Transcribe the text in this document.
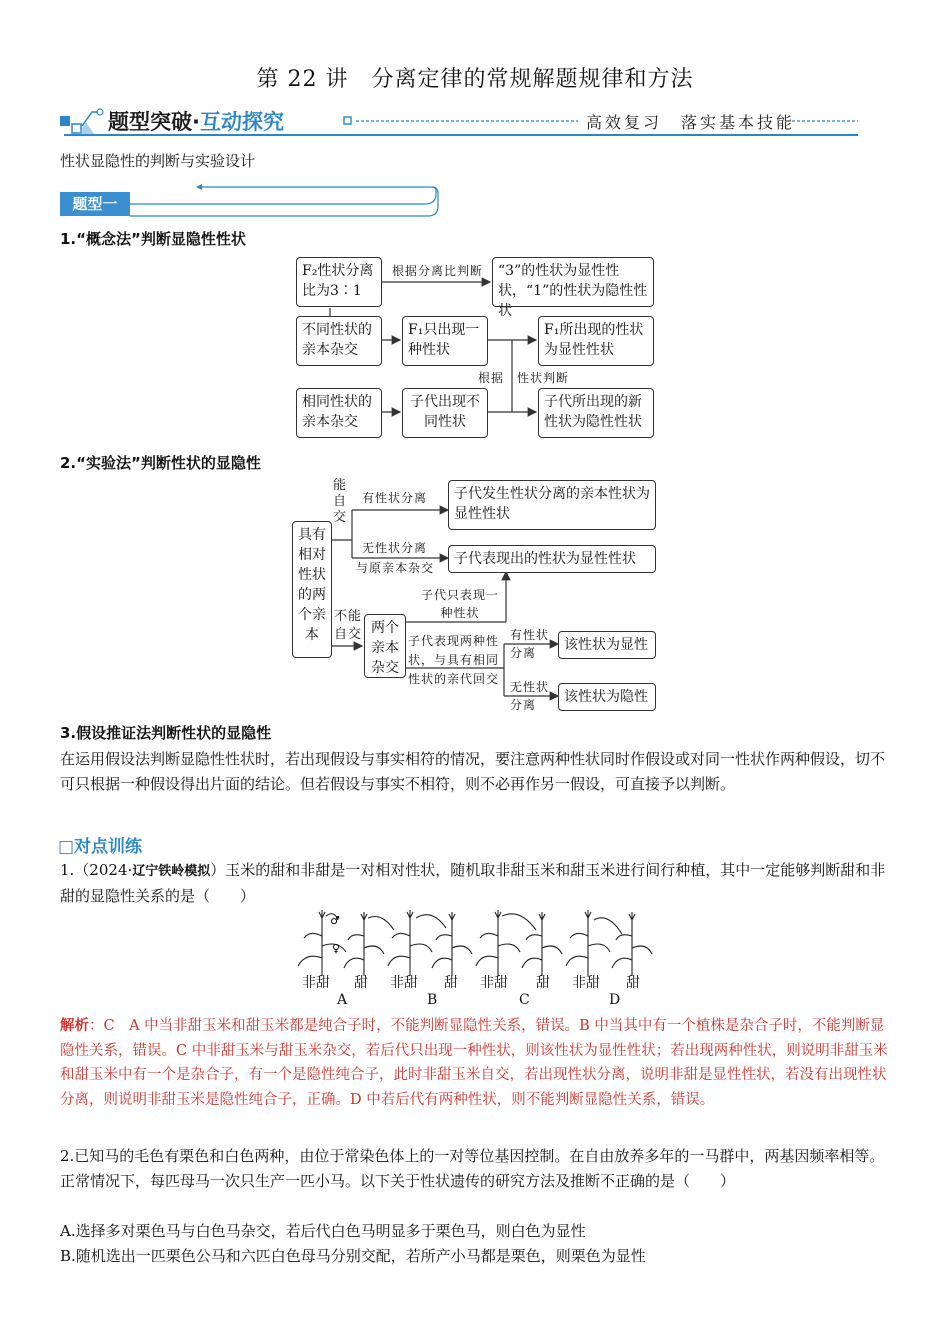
第 22 讲　分离定律的常规解题规律和方法
题型突破·互动探究	高效复习　落实基本技能
性状显隐性的判断与实验设计
题型一
1.“概念法”判断显隐性性状
F₂性状分离比为3∶1
根据分离比判断	“3”的性状为显性性状，“1”的性状为隐性性状
不同性状的亲本杂交
F₁只出现一种性状
F₁所出现的性状为显性性状
根据　性状判断
相同性状的亲本杂交
子代出现不同性状
子代所出现的新性状为隐性性状
2.“实验法”判断性状的显隐性
具有相对性状的两个亲本
能自交
不能自交
有性状分离
无性状分离
与原亲本杂交
子代发生性状分离的亲本性状为显性性状
子代表现出的性状为显性性状
两个亲本杂交
子代只表现一种性状
子代表现两种性状，与具有相同性状的亲代回交
有性状分离
无性状分离
该性状为显性
该性状为隐性
3.假设推证法判断性状的显隐性
在运用假设法判断显隐性性状时，若出现假设与事实相符的情况，要注意两种性状同时作假设或对同一性状作两种假设，切不可只根据一种假设得出片面的结论。但若假设与事实不相符，则不必再作另一假设，可直接予以判断。
□对点训练
1.（2024·辽宁铁岭模拟）玉米的甜和非甜是一对相对性状，随机取非甜玉米和甜玉米进行间行种植，其中一定能够判断甜和非甜的显隐性关系的是（　　）
♂
♀
非甜 甜 非甜 甜 非甜 甜 非甜 甜
A	B	C	D
解析：C　A 中当非甜玉米和甜玉米都是纯合子时，不能判断显隐性关系，错误。B 中当其中有一个植株是杂合子时，不能判断显隐性关系，错误。C 中非甜玉米与甜玉米杂交，若后代只出现一种性状，则该性状为显性性状；若出现两种性状，则说明非甜玉米和甜玉米中有一个是杂合子，有一个是隐性纯合子，此时非甜玉米自交，若出现性状分离，说明非甜是显性性状，若没有出现性状分离，则说明非甜玉米是隐性纯合子，正确。D 中若后代有两种性状，则不能判断显隐性关系，错误。
2.已知马的毛色有栗色和白色两种，由位于常染色体上的一对等位基因控制。在自由放养多年的一马群中，两基因频率相等。正常情况下，每匹母马一次只生产一匹小马。以下关于性状遗传的研究方法及推断不正确的是（　　）
A.选择多对栗色马与白色马杂交，若后代白色马明显多于栗色马，则白色为显性
B.随机选出一匹栗色公马和六匹白色母马分别交配，若所产小马都是栗色，则栗色为显性
